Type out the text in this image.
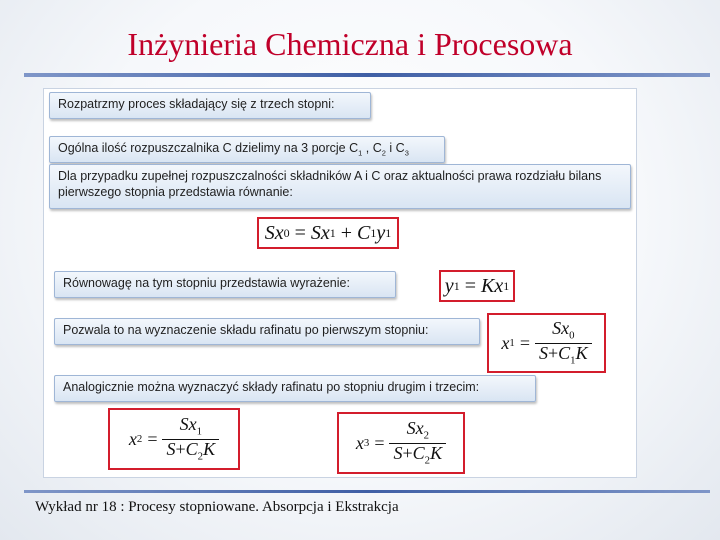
Inżynieria Chemiczna i Procesowa
Rozpatrzmy proces składający się z trzech stopni:
Ogólna ilość rozpuszczalnika C dzielimy na 3 porcje $C_1$ , $C_2$ i $C_3$
Dla przypadku zupełnej rozpuszczalności składników A i C oraz aktualności prawa rozdziału bilans pierwszego stopnia przedstawia równanie:
S x 0 = S x 1 + C 1 y 1
Równowagę na tym stopniu przedstawia wyrażenie:	y 1 = K x 1
Pozwala to na wyznaczenie składu rafinatu po pierwszym stopniu:
x $1 = \frac{Sx_0}{S+C_1K}$
Analogicznie można wyznaczyć składy rafinatu po stopniu drugim i trzecim:
x $2 = \frac{Sx_1}{S+C_2K}$	x $3 = \frac{Sx_2}{S+C_2K}$
Wykład nr 18 : Procesy stopniowane. Absorpcja i Ekstrakcja
